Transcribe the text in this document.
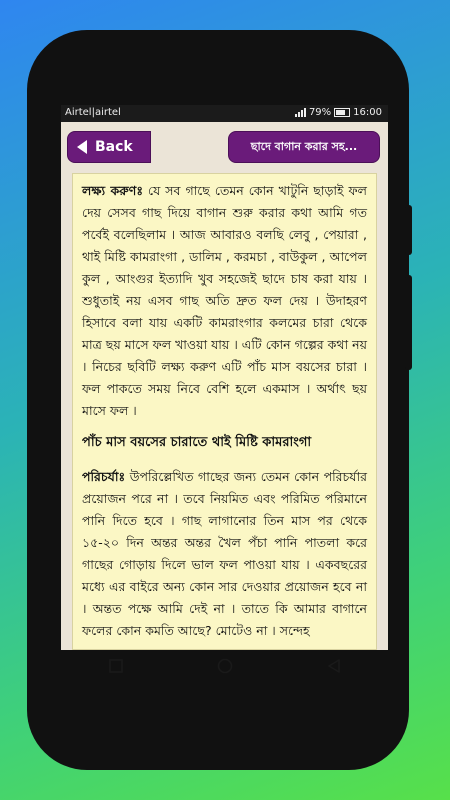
Airtel|airtel	79% 16:00
Back	ছাদে বাগান করার সহ...

লক্ষ্য করুণঃ যে সব গাছে তেমন কোন খাটুনি ছাড়াই ফল দেয় সেসব গাছ দিয়ে বাগান শুরু করার কথা আমি গত পর্বেই বলেছিলাম । আজ আবারও বলছি লেবু , পেয়ারা , থাই মিষ্টি কামরাংগা , ডালিম , করমচা , বাউকুল , আপেল কুল , আংগুর ইত্যাদি খুব সহজেই ছাদে চাষ করা যায় । শুধুতাই নয় এসব গাছ অতি দ্রুত ফল দেয় । উদাহরণ হিসাবে বলা যায় একটি কামরাংগার কলমের চারা থেকে মাত্র ছয় মাসে ফল খাওয়া যায় । এটি কোন গল্পের কথা নয় । নিচের ছবিটি লক্ষ্য করুণ এটি পাঁচ মাস বয়সের চারা । ফল পাকতে সময় নিবে বেশি হলে একমাস । অর্থাৎ ছয় মাসে ফল ।

পাঁচ মাস বয়সের চারাতে থাই মিষ্টি কামরাংগা

পরিচর্যাঃ উপরিল্লেখিত গাছের জন্য তেমন কোন পরিচর্যার প্রয়োজন পরে না । তবে নিয়মিত এবং পরিমিত পরিমানে পানি দিতে হবে । গাছ লাগানোর তিন মাস পর থেকে ১৫-২০ দিন অন্তর অন্তর খৈল পঁচা পানি পাতলা করে গাছের গোড়ায় দিলে ভাল ফল পাওয়া যায় । একবছরের মধ্যে এর বাইরে অন্য কোন সার দেওয়ার প্রয়োজন হবে না । অন্তত পক্ষে আমি দেই না । তাতে কি আমার বাগানে ফলের কোন কমতি আছে? মোটেও না । সন্দেহ
